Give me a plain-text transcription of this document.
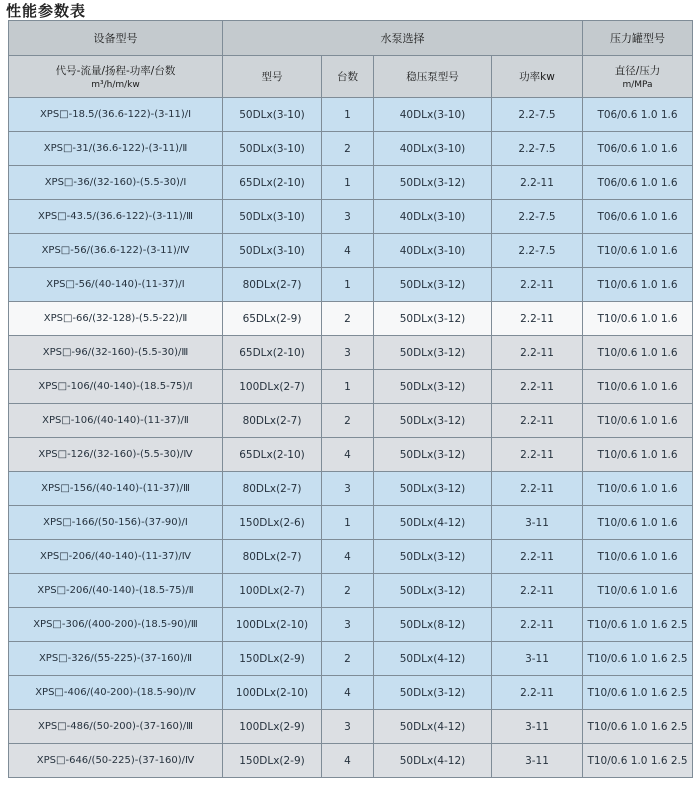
性能参数表
设备型号	水泵选择				压力罐型号
代号-流量/扬程-功率/台数
m³/h/m/kw	型号	台数	稳压泵型号	功率kw	直径/压力
m/MPa

XPS□-18.5/(36.6-122)-(3-11)/Ⅰ	50DLx(3-10)	1	40DLx(3-10)	2.2-7.5	T06/0.6 1.0 1.6
XPS□-31/(36.6-122)-(3-11)/Ⅱ	50DLx(3-10)	2	40DLx(3-10)	2.2-7.5	T06/0.6 1.0 1.6
XPS□-36/(32-160)-(5.5-30)/Ⅰ	65DLx(2-10)	1	50DLx(3-12)	2.2-11	T06/0.6 1.0 1.6
XPS□-43.5/(36.6-122)-(3-11)/Ⅲ	50DLx(3-10)	3	40DLx(3-10)	2.2-7.5	T06/0.6 1.0 1.6
XPS□-56/(36.6-122)-(3-11)/Ⅳ	50DLx(3-10)	4	40DLx(3-10)	2.2-7.5	T10/0.6 1.0 1.6
XPS□-56/(40-140)-(11-37)/Ⅰ	80DLx(2-7)	1	50DLx(3-12)	2.2-11	T10/0.6 1.0 1.6
XPS□-66/(32-128)-(5.5-22)/Ⅱ	65DLx(2-9)	2	50DLx(3-12)	2.2-11	T10/0.6 1.0 1.6
XPS□-96/(32-160)-(5.5-30)/Ⅲ	65DLx(2-10)	3	50DLx(3-12)	2.2-11	T10/0.6 1.0 1.6
XPS□-106/(40-140)-(18.5-75)/Ⅰ	100DLx(2-7)	1	50DLx(3-12)	2.2-11	T10/0.6 1.0 1.6
XPS□-106/(40-140)-(11-37)/Ⅱ	80DLx(2-7)	2	50DLx(3-12)	2.2-11	T10/0.6 1.0 1.6
XPS□-126/(32-160)-(5.5-30)/Ⅳ	65DLx(2-10)	4	50DLx(3-12)	2.2-11	T10/0.6 1.0 1.6
XPS□-156/(40-140)-(11-37)/Ⅲ	80DLx(2-7)	3	50DLx(3-12)	2.2-11	T10/0.6 1.0 1.6
XPS□-166/(50-156)-(37-90)/Ⅰ	150DLx(2-6)	1	50DLx(4-12)	3-11	T10/0.6 1.0 1.6
XPS□-206/(40-140)-(11-37)/Ⅳ	80DLx(2-7)	4	50DLx(3-12)	2.2-11	T10/0.6 1.0 1.6
XPS□-206/(40-140)-(18.5-75)/Ⅱ	100DLx(2-7)	2	50DLx(3-12)	2.2-11	T10/0.6 1.0 1.6
XPS□-306/(400-200)-(18.5-90)/Ⅲ	100DLx(2-10)	3	50DLx(8-12)	2.2-11	T10/0.6 1.0 1.6 2.5
XPS□-326/(55-225)-(37-160)/Ⅱ	150DLx(2-9)	2	50DLx(4-12)	3-11	T10/0.6 1.0 1.6 2.5
XPS□-406/(40-200)-(18.5-90)/Ⅳ	100DLx(2-10)	4	50DLx(3-12)	2.2-11	T10/0.6 1.0 1.6 2.5
XPS□-486/(50-200)-(37-160)/Ⅲ	100DLx(2-9)	3	50DLx(4-12)	3-11	T10/0.6 1.0 1.6 2.5
XPS□-646/(50-225)-(37-160)/Ⅳ	150DLx(2-9)	4	50DLx(4-12)	3-11	T10/0.6 1.0 1.6 2.5
